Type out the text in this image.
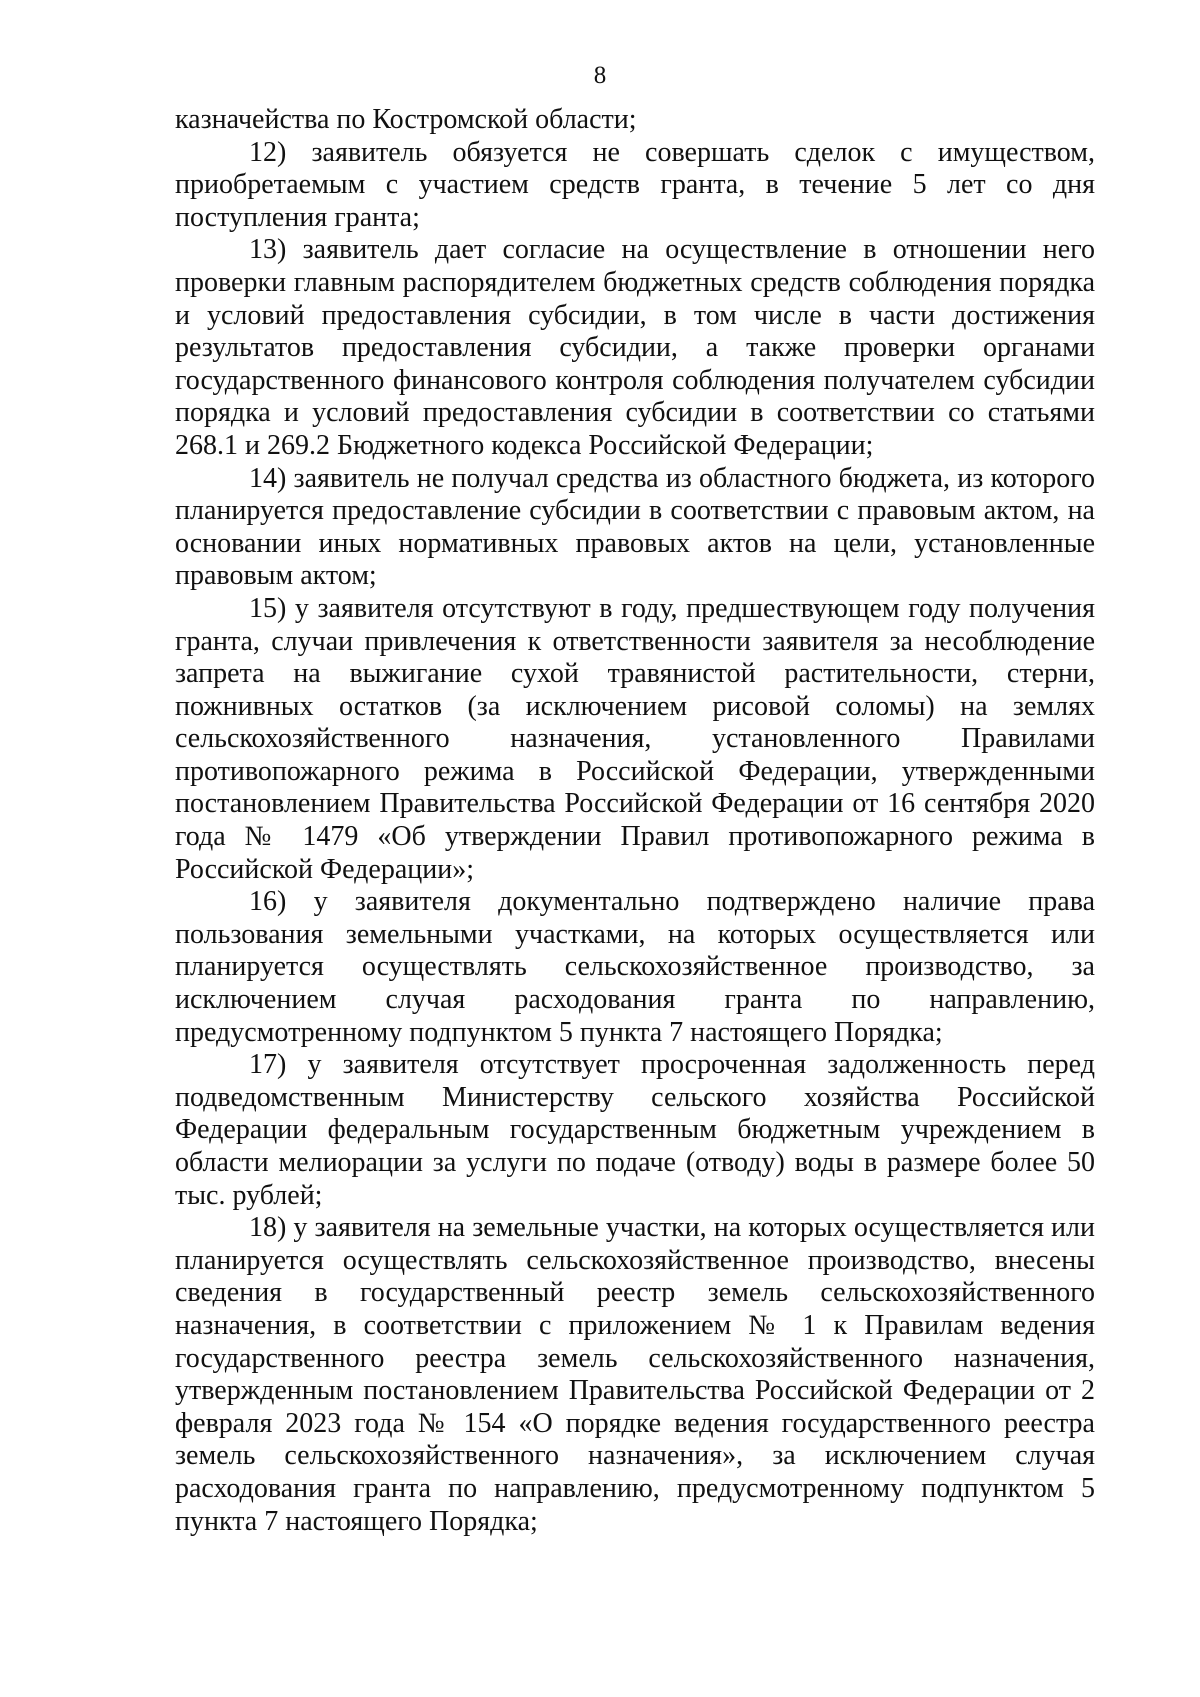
8

казначейства по Костромской области;

12) заявитель обязуется не совершать сделок с имуществом, приобретаемым с участием средств гранта, в течение 5 лет со дня поступления гранта;

13) заявитель дает согласие на осуществление в отношении него проверки главным распорядителем бюджетных средств соблюдения порядка и условий предоставления субсидии, в том числе в части достижения результатов предоставления субсидии, а также проверки органами государственного финансового контроля соблюдения получателем субсидии порядка и условий предоставления субсидии в соответствии со статьями 268.1 и 269.2 Бюджетного кодекса Российской Федерации;

14) заявитель не получал средства из областного бюджета, из которого планируется предоставление субсидии в соответствии с правовым актом, на основании иных нормативных правовых актов на цели, установленные правовым актом;

15) у заявителя отсутствуют в году, предшествующем году получения гранта, случаи привлечения к ответственности заявителя за несоблюдение запрета на выжигание сухой травянистой растительности, стерни, пожнивных остатков (за исключением рисовой соломы) на землях сельскохозяйственного назначения, установленного Правилами противопожарного режима в Российской Федерации, утвержденными постановлением Правительства Российской Федерации от 16 сентября 2020 года № 1479 «Об утверждении Правил противопожарного режима в Российской Федерации»;

16) у заявителя документально подтверждено наличие права пользования земельными участками, на которых осуществляется или планируется осуществлять сельскохозяйственное производство, за исключением случая расходования гранта по направлению, предусмотренному подпунктом 5 пункта 7 настоящего Порядка;

17) у заявителя отсутствует просроченная задолженность перед подведомственным Министерству сельского хозяйства Российской Федерации федеральным государственным бюджетным учреждением в области мелиорации за услуги по подаче (отводу) воды в размере более 50 тыс. рублей;

18) у заявителя на земельные участки, на которых осуществляется или планируется осуществлять сельскохозяйственное производство, внесены сведения в государственный реестр земель сельскохозяйственного назначения, в соответствии с приложением № 1 к Правилам ведения государственного реестра земель сельскохозяйственного назначения, утвержденным постановлением Правительства Российской Федерации от 2 февраля 2023 года № 154 «О порядке ведения государственного реестра земель сельскохозяйственного назначения», за исключением случая расходования гранта по направлению, предусмотренному подпунктом 5 пункта 7 настоящего Порядка;
